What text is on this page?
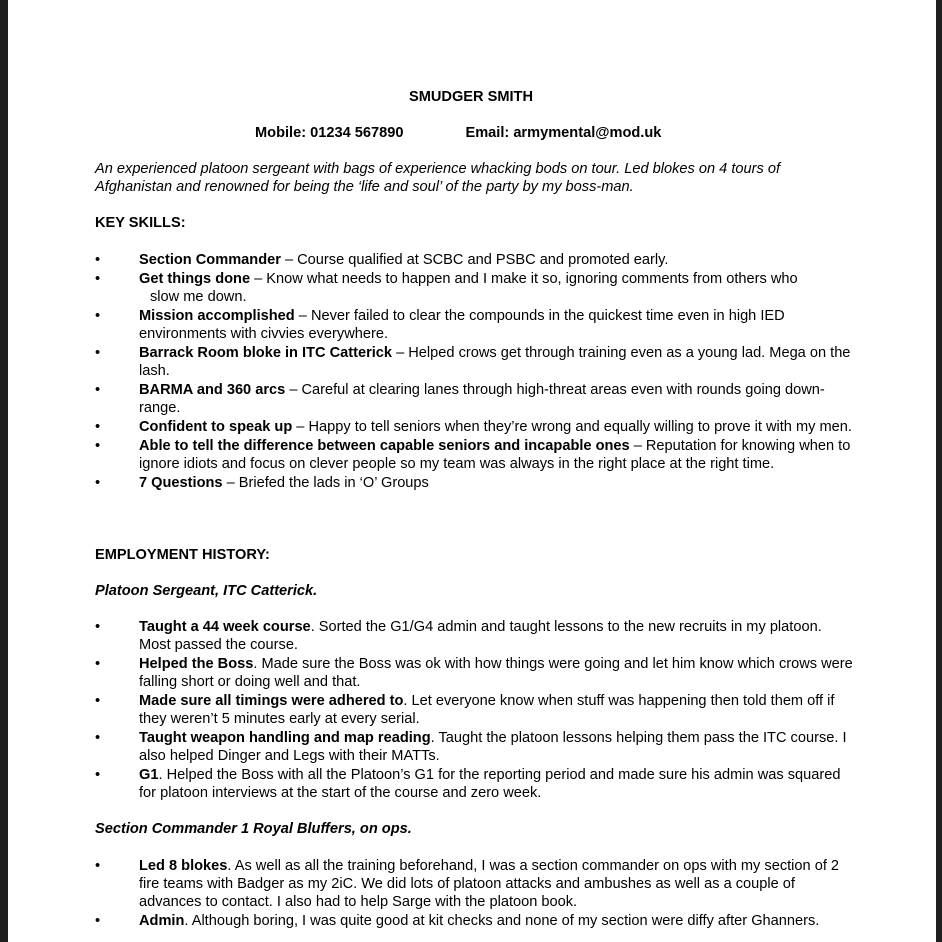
SMUDGER SMITH
Mobile: 01234 567890	Email: armymental@mod.uk
An experienced platoon sergeant with bags of experience whacking bods on tour. Led blokes on 4 tours of Afghanistan and renowned for being the ‘life and soul’ of the party by my boss-man.
KEY SKILLS:
•	Section Commander – Course qualified at SCBC and PSBC and promoted early.
•	Get things done – Know what needs to happen and I make it so, ignoring comments from others who
slow me down.
•	Mission accomplished – Never failed to clear the compounds in the quickest time even in high IED environments with civvies everywhere.
•	Barrack Room bloke in ITC Catterick – Helped crows get through training even as a young lad. Mega on the lash.
•	BARMA and 360 arcs – Careful at clearing lanes through high-threat areas even with rounds going down-range.
•	Confident to speak up – Happy to tell seniors when they’re wrong and equally willing to prove it with my men.
•	Able to tell the difference between capable seniors and incapable ones – Reputation for knowing when to ignore idiots and focus on clever people so my team was always in the right place at the right time.
•	7 Questions – Briefed the lads in ‘O’ Groups
EMPLOYMENT HISTORY:
Platoon Sergeant, ITC Catterick.
•	Taught a 44 week course. Sorted the G1/G4 admin and taught lessons to the new recruits in my platoon. Most passed the course.
•	Helped the Boss. Made sure the Boss was ok with how things were going and let him know which crows were falling short or doing well and that.
•	Made sure all timings were adhered to. Let everyone know when stuff was happening then told them off if they weren’t 5 minutes early at every serial.
•	Taught weapon handling and map reading. Taught the platoon lessons helping them pass the ITC course. I also helped Dinger and Legs with their MATTs.
•	G1. Helped the Boss with all the Platoon’s G1 for the reporting period and made sure his admin was squared for platoon interviews at the start of the course and zero week.
Section Commander 1 Royal Bluffers, on ops.
•	Led 8 blokes. As well as all the training beforehand, I was a section commander on ops with my section of 2 fire teams with Badger as my 2iC. We did lots of platoon attacks and ambushes as well as a couple of advances to contact. I also had to help Sarge with the platoon book.
•	Admin. Although boring, I was quite good at kit checks and none of my section were diffy after Ghanners.
